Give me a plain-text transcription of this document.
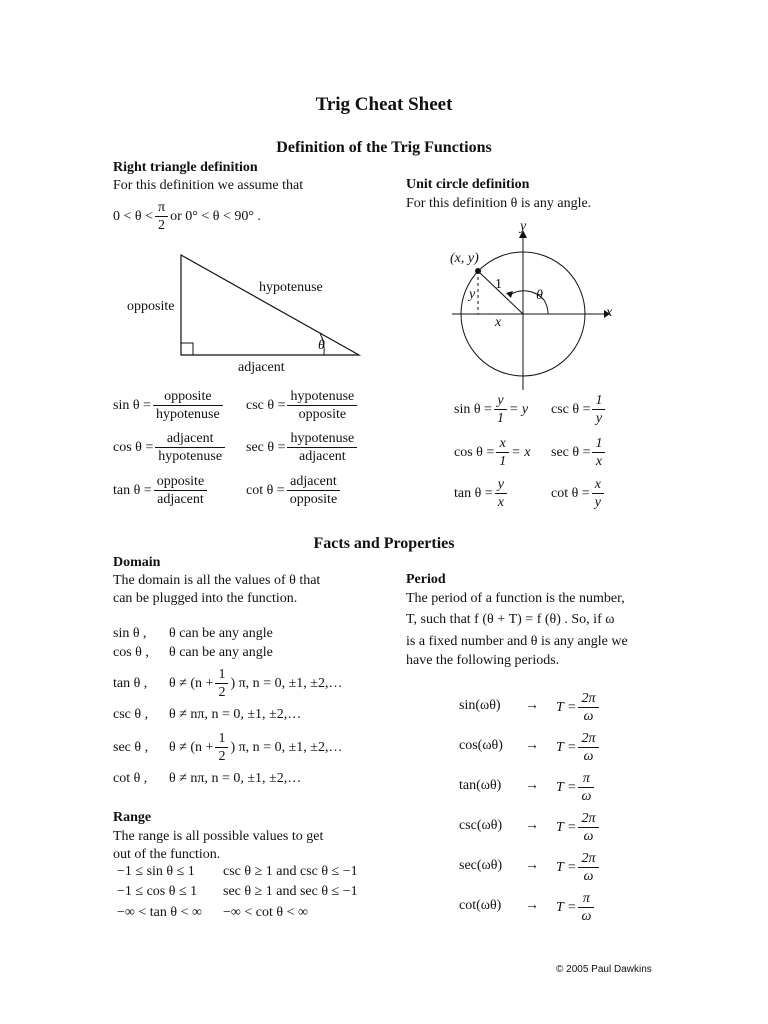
Trig Cheat Sheet
Definition of the Trig Functions
Right triangle definition
For this definition we assume that
$0 < \theta < \frac{\pi}{2}$ or 0° < θ < 90° .
opposite
hypotenuse
adjacent
θ
$\sin \theta = \frac{\text{opposite}}{\text{hypotenuse}}$ $\csc \theta = \frac{\text{hypotenuse}}{\text{opposite}}$
$\cos \theta = \frac{\text{adjacent}}{\text{hypotenuse}}$ $\sec \theta = \frac{\text{hypotenuse}}{\text{adjacent}}$
$\tan \theta = \frac{\text{opposite}}{\text{adjacent}}$	$\cot \theta = \frac{\text{adjacent}}{\text{opposite}}$
Unit circle definition
For this definition θ is any angle.
(x, y)
y
x
1
θ
y
x
$\sin \theta = \frac{y}{1} = y$ $\csc \theta = \frac{1}{y}$
$\cos \theta = \frac{x}{1} = x$ $\sec \theta = \frac{1}{x}$
$\tan \theta = \frac{y}{x}$	$\cot \theta = \frac{x}{y}$
Facts and Properties
Domain
The domain is all the values of θ that
can be plugged into the function.
sin θ ,	θ can be any angle
cos θ ,	θ can be any angle
tan θ ,	$\theta \ne (n + \frac{1}{2}$ ) π, n = 0, ±1, ±2,…
csc θ ,	θ ≠ nπ, n = 0, ±1, ±2,…
sec θ ,	$\theta \ne (n + \frac{1}{2}$ ) π, n = 0, ±1, ±2,…
cot θ ,	θ ≠ nπ, n = 0, ±1, ±2,…
Range
The range is all possible values to get
out of the function.
−1 ≤ sin θ ≤ 1 csc θ ≥ 1 and csc θ ≤ −1
−1 ≤ cos θ ≤ 1 sec θ ≥ 1 and sec θ ≤ −1
−∞ < tan θ < ∞ −∞ < cot θ < ∞
Period
The period of a function is the number,
T, such that f (θ + T) = f (θ) . So, if ω
is a fixed number and θ is any angle we
have the following periods.
$\sin(\omega\theta) \to T = \frac{2\pi}{\omega}$
$\cos(\omega\theta) \to T = \frac{2\pi}{\omega}$
$\tan(\omega\theta) \to T = \frac{\pi}{\omega}$
$\csc(\omega\theta) \to T = \frac{2\pi}{\omega}$
$\sec(\omega\theta) \to T = \frac{2\pi}{\omega}$
$\cot(\omega\theta) \to T = \frac{\pi}{\omega}$
© 2005 Paul Dawkins
